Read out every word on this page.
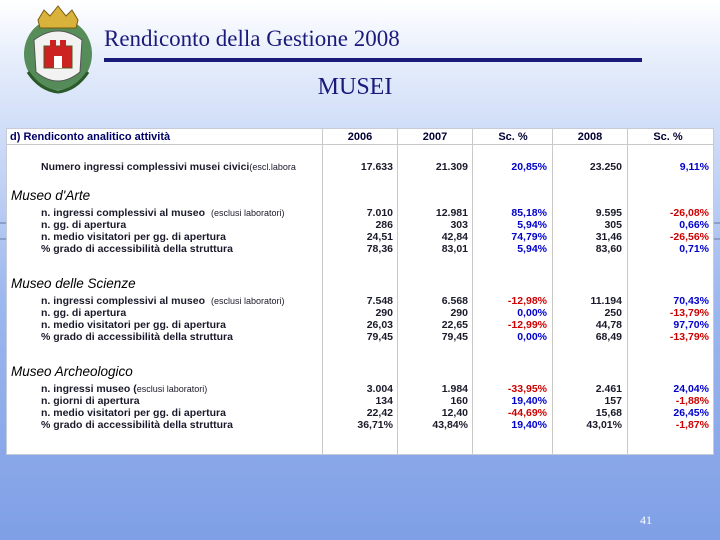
Rendiconto della Gestione 2008
MUSEI
d) Rendiconto analitico attività	2006	2007	Sc. %	2008	Sc. %
Numero ingressi complessivi musei civici(escl.labora	17.633	21.309	20,85%	23.250	9,11%
Museo d'Arte
n. ingressi complessivi al museo (esclusi laboratori)	7.010	12.981	85,18%	9.595	-26,08%
n. gg. di apertura	286	303	5,94%	305	0,66%
n. medio visitatori per gg. di apertura	24,51	42,84	74,79%	31,46	-26,56%
% grado di accessibilità della struttura	78,36	83,01	5,94%	83,60	0,71%
Museo delle Scienze
n. ingressi complessivi al museo (esclusi laboratori)	7.548	6.568	-12,98%	11.194	70,43%
n. gg. di apertura	290	290	0,00%	250	-13,79%
n. medio visitatori per gg. di apertura	26,03	22,65	-12,99%	44,78	97,70%
% grado di accessibilità della struttura	79,45	79,45	0,00%	68,49	-13,79%
Museo Archeologico
n. ingressi museo (esclusi laboratori)	3.004	1.984	-33,95%	2.461	24,04%
n. giorni di apertura	134	160	19,40%	157	-1,88%
n. medio visitatori per gg. di apertura	22,42	12,40	-44,69%	15,68	26,45%
% grado di accessibilità della struttura	36,71%	43,84%	19,40%	43,01%	-1,87%
41
